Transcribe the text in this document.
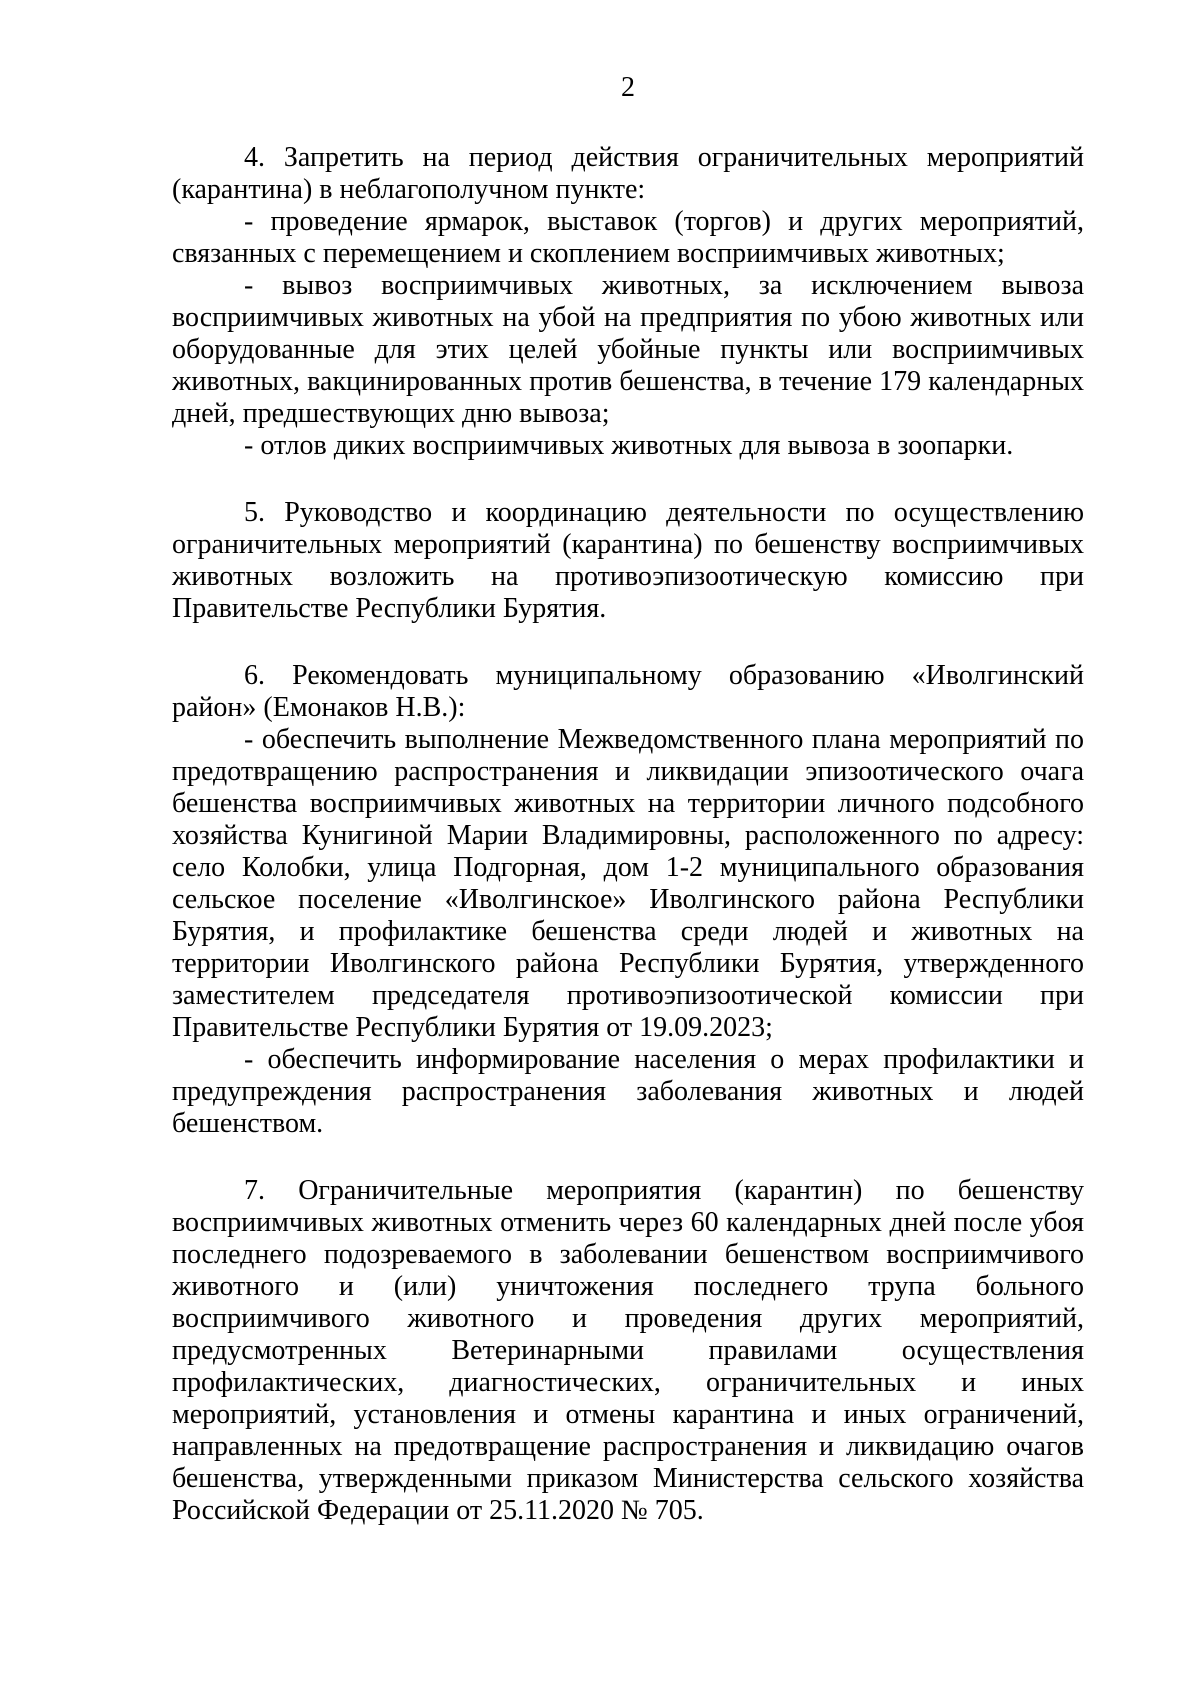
2

4. Запретить на период действия ограничительных мероприятий (карантина) в неблагополучном пункте:

- проведение ярмарок, выставок (торгов) и других мероприятий, связанных с перемещением и скоплением восприимчивых животных;

- вывоз восприимчивых животных, за исключением вывоза восприимчивых животных на убой на предприятия по убою животных или оборудованные для этих целей убойные пункты или восприимчивых животных, вакцинированных против бешенства, в течение 179 календарных дней, предшествующих дню вывоза;

- отлов диких восприимчивых животных для вывоза в зоопарки.

5. Руководство и координацию деятельности по осуществлению ограничительных мероприятий (карантина) по бешенству восприимчивых животных возложить на противоэпизоотическую комиссию при Правительстве Республики Бурятия.

6. Рекомендовать муниципальному образованию «Иволгинский район» (Емонаков Н.В.):

- обеспечить выполнение Межведомственного плана мероприятий по предотвращению распространения и ликвидации эпизоотического очага бешенства восприимчивых животных на территории личного подсобного хозяйства Кунигиной Марии Владимировны, расположенного по адресу: село Колобки, улица Подгорная, дом 1-2 муниципального образования сельское поселение «Иволгинское» Иволгинского района Республики Бурятия, и профилактике бешенства среди людей и животных на территории Иволгинского района Республики Бурятия, утвержденного заместителем председателя противоэпизоотической комиссии при Правительстве Республики Бурятия от 19.09.2023;

- обеспечить информирование населения о мерах профилактики и предупреждения распространения заболевания животных и людей бешенством.

7. Ограничительные мероприятия (карантин) по бешенству восприимчивых животных отменить через 60 календарных дней после убоя последнего подозреваемого в заболевании бешенством восприимчивого животного и (или) уничтожения последнего трупа больного восприимчивого животного и проведения других мероприятий, предусмотренных Ветеринарными правилами осуществления профилактических, диагностических, ограничительных и иных мероприятий, установления и отмены карантина и иных ограничений, направленных на предотвращение распространения и ликвидацию очагов бешенства, утвержденными приказом Министерства сельского хозяйства Российской Федерации от 25.11.2020 № 705.
